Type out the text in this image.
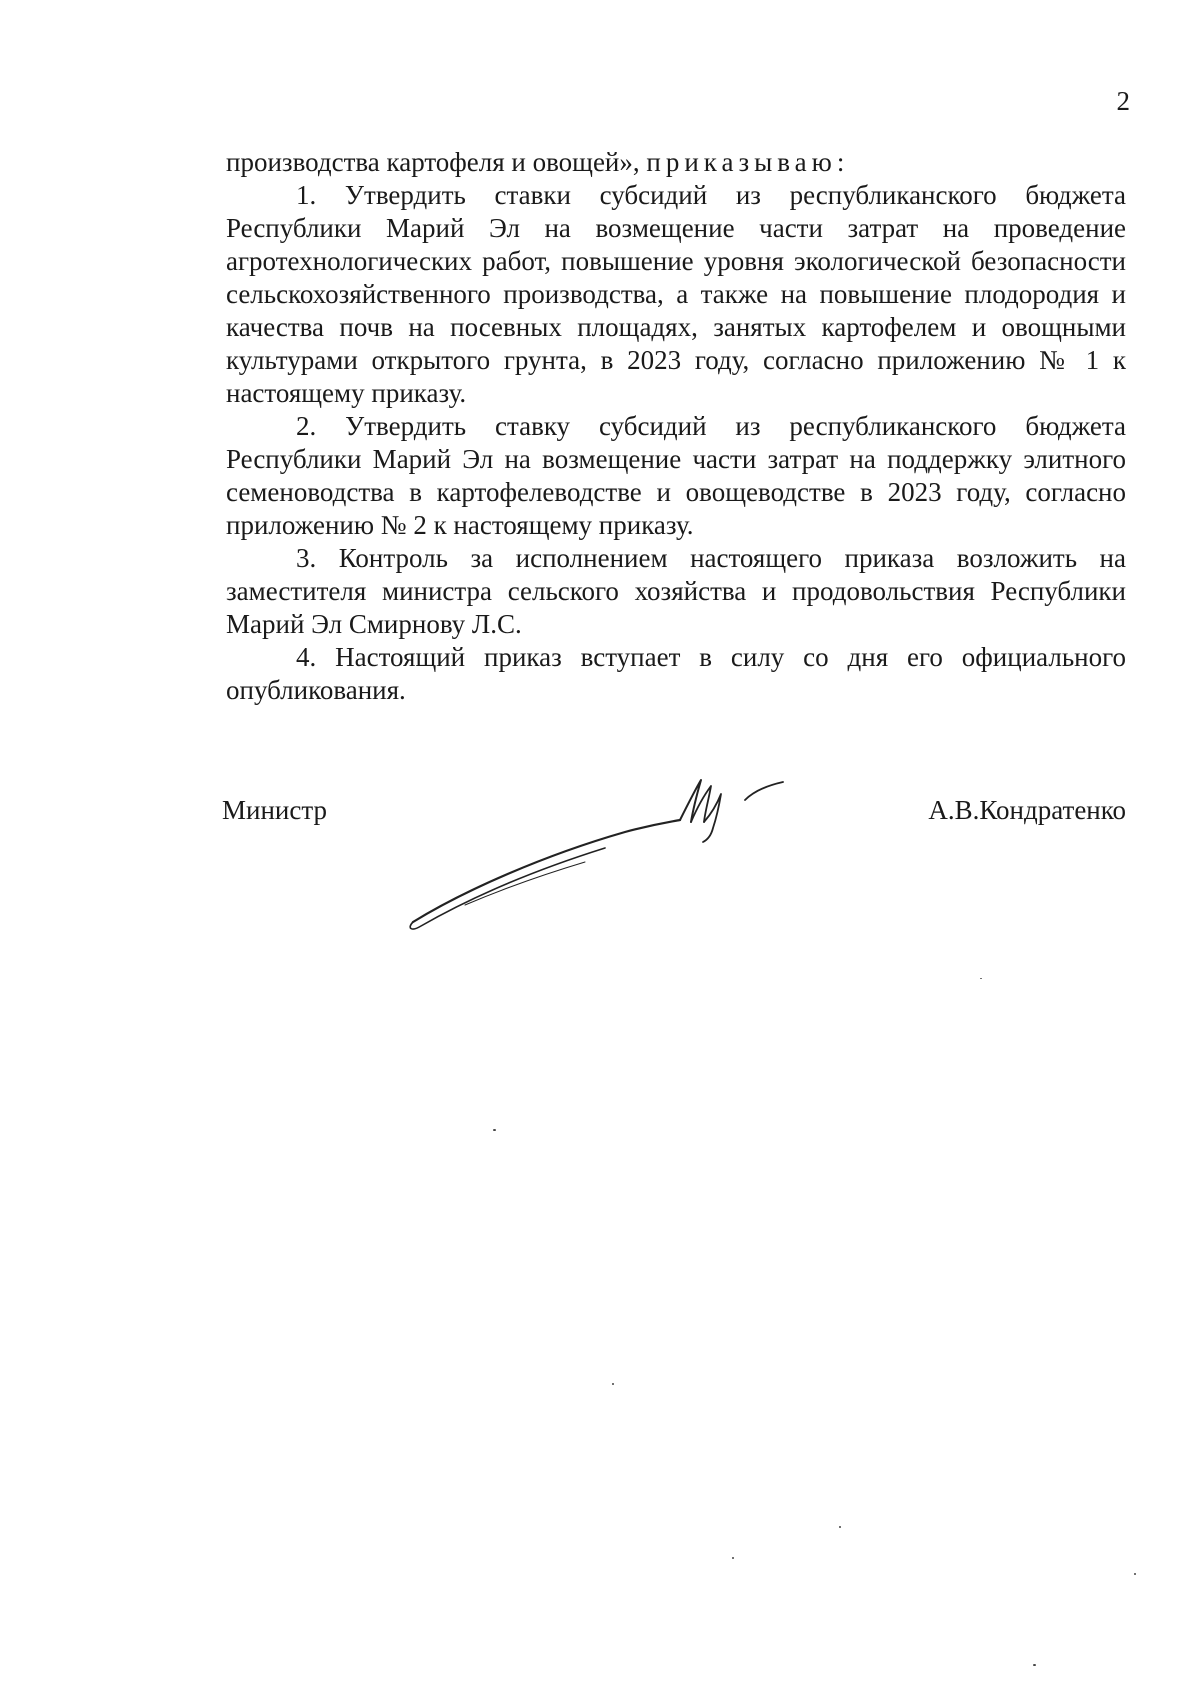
2

производства картофеля и овощей», приказываю:

1. Утвердить ставки субсидий из республиканского бюджета Республики Марий Эл на возмещение части затрат на проведение агротехнологических работ, повышение уровня экологической безопасности сельскохозяйственного производства, а также на повышение плодородия и качества почв на посевных площадях, занятых картофелем и овощными культурами открытого грунта, в 2023 году, согласно приложению № 1 к настоящему приказу.

2. Утвердить ставку субсидий из республиканского бюджета Республики Марий Эл на возмещение части затрат на поддержку элитного семеноводства в картофелеводстве и овощеводстве в 2023 году, согласно приложению № 2 к настоящему приказу.

3. Контроль за исполнением настоящего приказа возложить на заместителя министра сельского хозяйства и продовольствия Республики Марий Эл Смирнову Л.С.

4. Настоящий приказ вступает в силу со дня его официального опубликования.

Министр	А.В.Кондратенко
